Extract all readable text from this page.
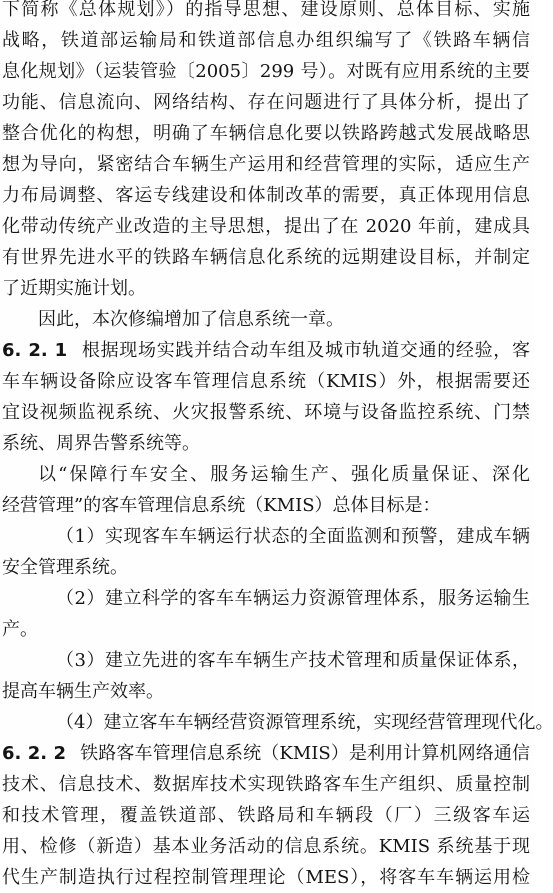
下简称《总体规划》）的指导思想、建设原则、总体目标、实施
战略，铁道部运输局和铁道部信息办组织编写了《铁路车辆信
息化规划》（运装管验〔2005〕299 号）。对既有应用系统的主要
功能、信息流向、网络结构、存在问题进行了具体分析，提出了
整合优化的构想，明确了车辆信息化要以铁路跨越式发展战略思
想为导向，紧密结合车辆生产运用和经营管理的实际，适应生产
力布局调整、客运专线建设和体制改革的需要，真正体现用信息
化带动传统产业改造的主导思想，提出了在 2020 年前，建成具
有世界先进水平的铁路车辆信息化系统的远期建设目标，并制定
了近期实施计划。
因此，本次修编增加了信息系统一章。
6. 2. 1 根据现场实践并结合动车组及城市轨道交通的经验，客
车车辆设备除应设客车管理信息系统（KMIS）外，根据需要还
宜设视频监视系统、火灾报警系统、环境与设备监控系统、门禁
系统、周界告警系统等。
以“保障行车安全、服务运输生产、强化质量保证、深化
经营管理”的客车管理信息系统（KMIS）总体目标是：
（1）实现客车车辆运行状态的全面监测和预警，建成车辆
安全管理系统。
（2）建立科学的客车车辆运力资源管理体系，服务运输生
产。
（3）建立先进的客车车辆生产技术管理和质量保证体系，
提高车辆生产效率。
（4）建立客车车辆经营资源管理系统，实现经营管理现代化。
6. 2. 2 铁路客车管理信息系统（KMIS）是利用计算机网络通信
技术、信息技术、数据库技术实现铁路客车生产组织、质量控制
和技术管理，覆盖铁道部、铁路局和车辆段（厂）三级客车运
用、检修（新造）基本业务活动的信息系统。KMIS 系统基于现
代生产制造执行过程控制管理理论（MES），将客车车辆运用检
